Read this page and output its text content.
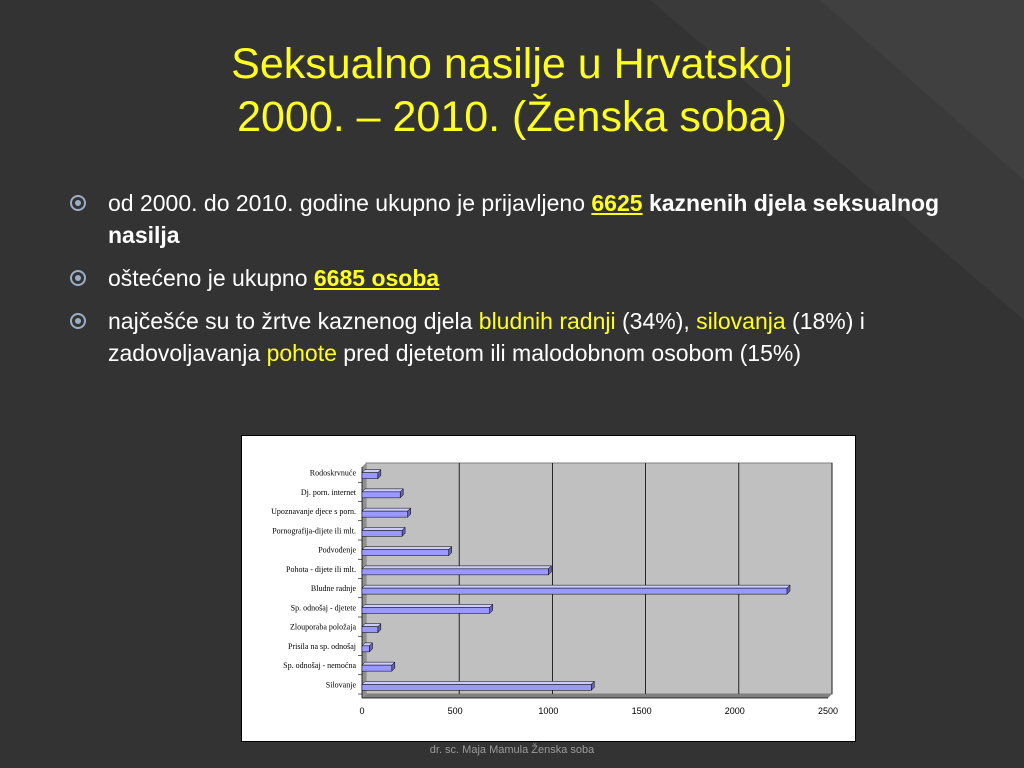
Seksualno nasilje u Hrvatskoj
2000. – 2010. (Ženska soba)
od 2000. do 2010. godine ukupno je prijavljeno 6625 kaznenih djela seksualnog nasilja
oštećeno je ukupno 6685 osoba
najčešće su to žrtve kaznenog djela bludnih radnji (34%), silovanja (18%) i zadovoljavanja pohote pred djetetom ili malodobnom osobom (15%)
0	500	1000	1500	2000	2500
Rodoskrvnuće
Dj. porn. internet
Upoznavanje djece s porn.
Pornografija-dijete ili mlt.
Podvođenje
Pohota - dijete ili mlt.
Bludne radnje
Sp. odnošaj - djetete
Zlouporaba položaja
Prisila na sp. odnošaj
Sp. odnošaj - nemoćna
Silovanje
dr. sc. Maja Mamula Ženska soba
